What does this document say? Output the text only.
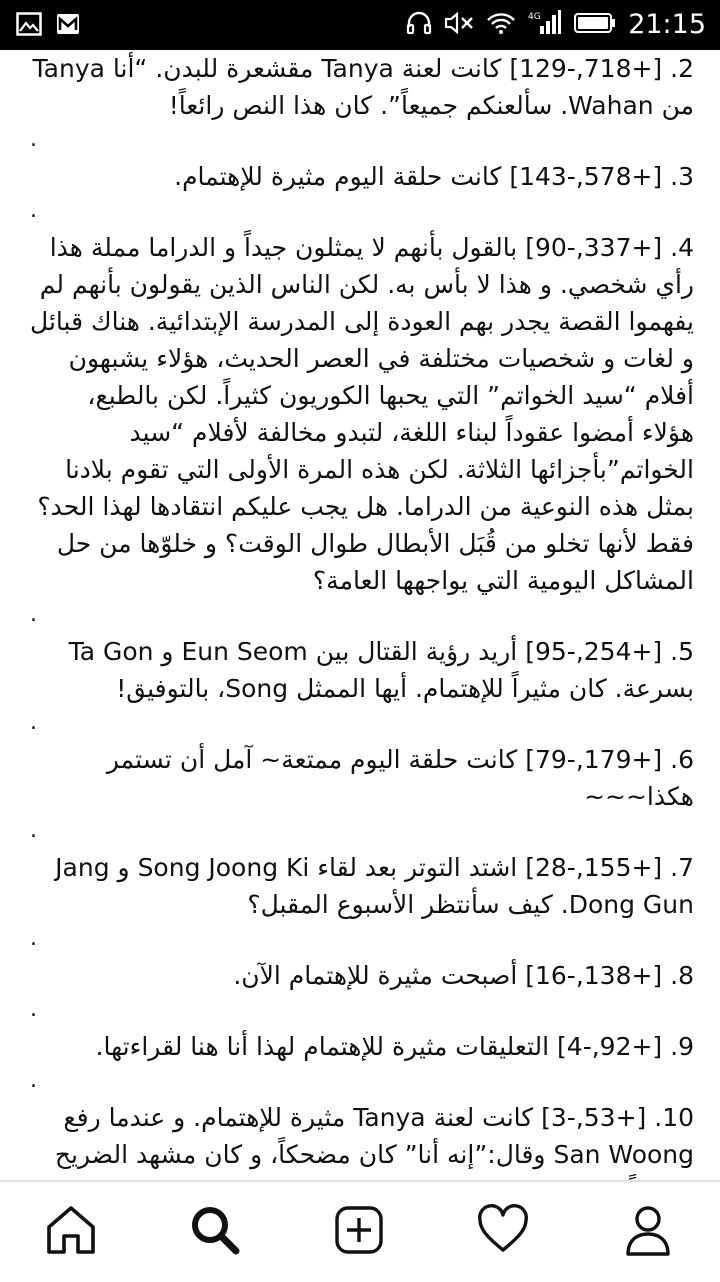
4G	21:15

2. [+718,-129] كانت لعنة Tanya مقشعرة للبدن. “أنا Tanya من Wahan. سألعنكم جميعاً”. كان هذا النص رائعاً!

.

3. [+578,-143] كانت حلقة اليوم مثيرة للإهتمام.

.

4. [+337,-90] بالقول بأنهم لا يمثلون جيداً و الدراما مملة هذا رأي شخصي. و هذا لا بأس به. لكن الناس الذين يقولون بأنهم لم يفهموا القصة يجدر بهم العودة إلى المدرسة الإبتدائية. هناك قبائل و لغات و شخصيات مختلفة في العصر الحديث، هؤلاء يشبهون أفلام “سيد الخواتم” التي يحبها الكوريون كثيراً. لكن بالطبع، هؤلاء أمضوا عقوداً لبناء اللغة، لتبدو مخالفة لأفلام “سيد الخواتم”بأجزائها الثلاثة. لكن هذه المرة الأولى التي تقوم بلادنا بمثل هذه النوعية من الدراما. هل يجب عليكم انتقادها لهذا الحد؟ فقط لأنها تخلو من قُبَل الأبطال طوال الوقت؟ و خلوّها من حل المشاكل اليومية التي يواجهها العامة؟

.

5. [+254,-95] أريد رؤية القتال بين Eun Seom و Ta Gon بسرعة. كان مثيراً للإهتمام. أيها الممثل Song، بالتوفيق!

.

6. [+179,-79] كانت حلقة اليوم ممتعة~ آمل أن تستمر هكذا~~~

.

7. [+155,-28] اشتد التوتر بعد لقاء Song Joong Ki و Jang Dong Gun. كيف سأنتظر الأسبوع المقبل؟

.

8. [+138,-16] أصبحت مثيرة للإهتمام الآن.

.

9. [+92,-4] التعليقات مثيرة للإهتمام لهذا أنا هنا لقراءتها.

.

10. [+53,-3] كانت لعنة Tanya مثيرة للإهتمام. و عندما رفع San Woong وقال:”إنه أنا” كان مضحكاً، و كان مشهد الضريح
